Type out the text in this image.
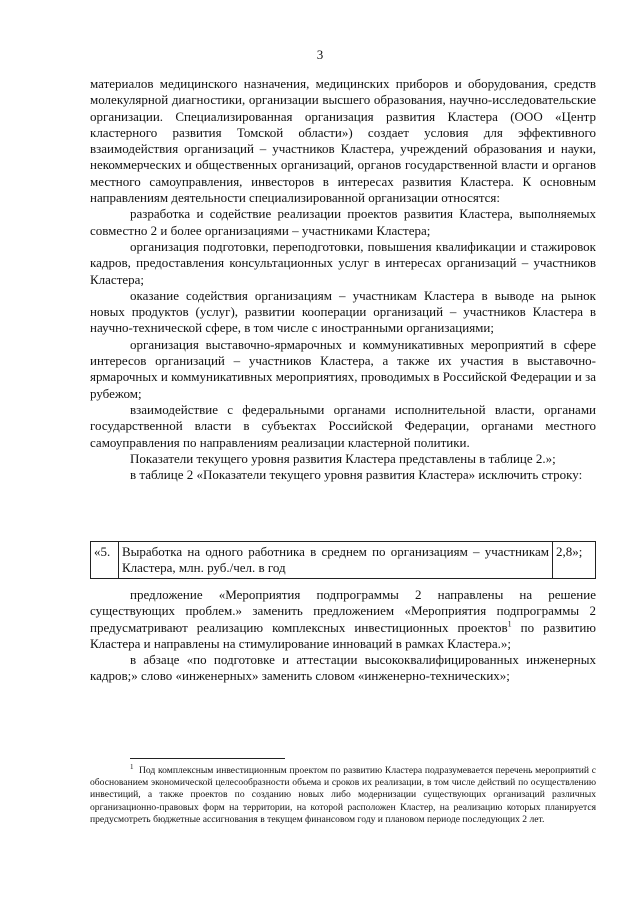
3

материалов медицинского назначения, медицинских приборов и оборудования, средств молекулярной диагностики, организации высшего образования, научно-исследовательские организации. Специализированная организация развития Кластера (ООО «Центр кластерного развития Томской области») создает условия для эффективного взаимодействия организаций – участников Кластера, учреждений образования и науки, некоммерческих и общественных организаций, органов государственной власти и органов местного самоуправления, инвесторов в интересах развития Кластера. К основным направлениям деятельности специализированной организации относятся:

разработка и содействие реализации проектов развития Кластера, выполняемых совместно 2 и более организациями – участниками Кластера;

организация подготовки, переподготовки, повышения квалификации и стажировок кадров, предоставления консультационных услуг в интересах организаций – участников Кластера;

оказание содействия организациям – участникам Кластера в выводе на рынок новых продуктов (услуг), развитии кооперации организаций – участников Кластера в научно-технической сфере, в том числе с иностранными организациями;

организация выставочно-ярмарочных и коммуникативных мероприятий в сфере интересов организаций – участников Кластера, а также их участия в выставочно-ярмарочных и коммуникативных мероприятиях, проводимых в Российской Федерации и за рубежом;

взаимодействие с федеральными органами исполнительной власти, органами государственной власти в субъектах Российской Федерации, органами местного самоуправления по направлениям реализации кластерной политики.

Показатели текущего уровня развития Кластера представлены в таблице 2.»;

в таблице 2 «Показатели текущего уровня развития Кластера» исключить строку:

«5.	Выработка на одного работника в среднем по организациям – участникам Кластера, млн. руб./чел. в год	2,8»;

предложение «Мероприятия подпрограммы 2 направлены на решение существующих проблем.» заменить предложением «Мероприятия подпрограммы 2 предусматривают реализацию комплексных инвестиционных проектов$^1$ по развитию Кластера и направлены на стимулирование инноваций в рамках Кластера.»;

в абзаце «по подготовке и аттестации высококвалифицированных инженерных кадров;» слово «инженерных» заменить словом «инженерно-технических»;

$^1$ Под комплексным инвестиционным проектом по развитию Кластера подразумевается перечень мероприятий с обоснованием экономической целесообразности объема и сроков их реализации, в том числе действий по осуществлению инвестиций, а также проектов по созданию новых либо модернизации существующих организаций различных организационно-правовых форм на территории, на которой расположен Кластер, на реализацию которых планируется предусмотреть бюджетные ассигнования в текущем финансовом году и плановом периоде последующих 2 лет.
